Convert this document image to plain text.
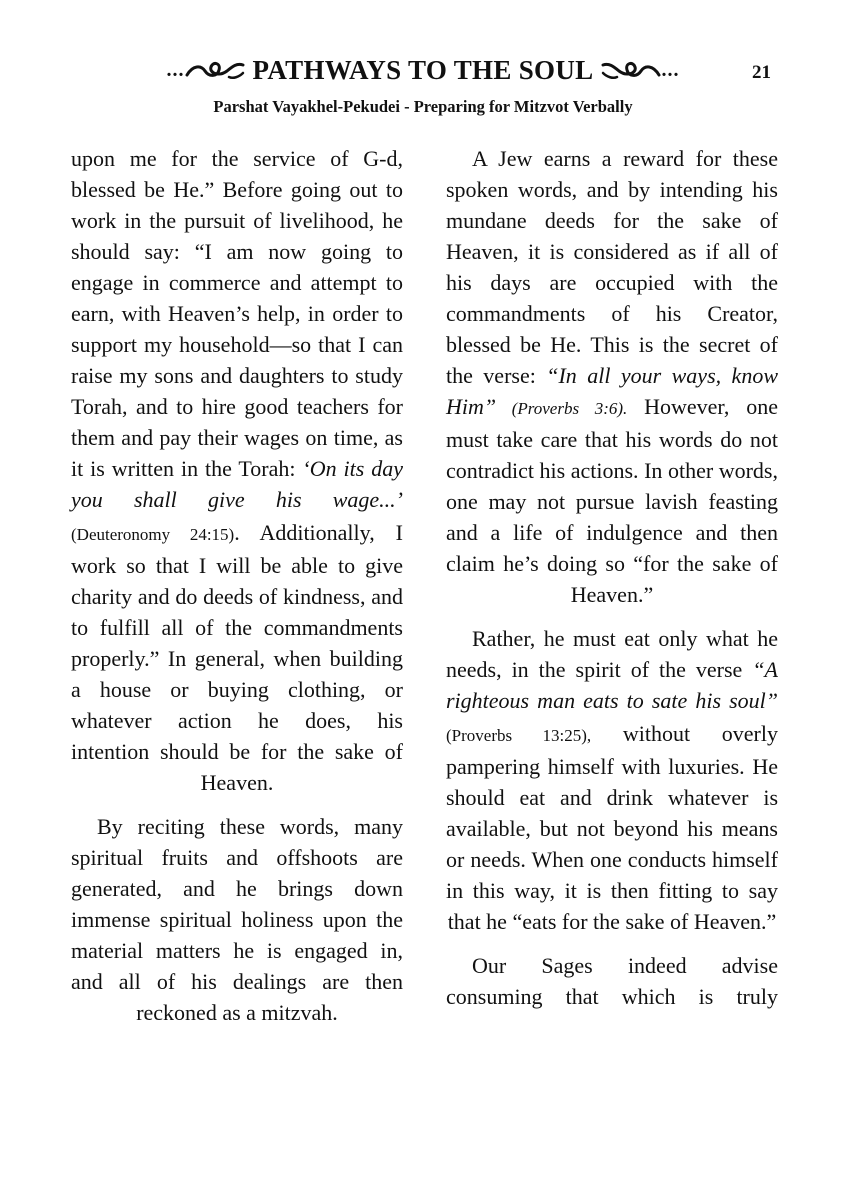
...	PATHWAYS TO THE SOUL	...	21
Parshat Vayakhel-Pekudei - Preparing for Mitzvot Verbally

upon me for the service of G-d, blessed be He.” Before going out to work in the pursuit of livelihood, he should say: “I am now going to engage in commerce and attempt to earn, with Heaven’s help, in order to support my household—so that I can raise my sons and daughters to study Torah, and to hire good teachers for them and pay their wages on time, as it is written in the Torah: ‘On its day you shall give his wage...’ (Deuteronomy 24:15). Additionally, I work so that I will be able to give charity and do deeds of kindness, and to fulfill all of the commandments properly.” In general, when building a house or buying clothing, or whatever action he does, his intention should be for the sake of Heaven.

By reciting these words, many spiritual fruits and offshoots are generated, and he brings down immense spiritual holiness upon the material matters he is engaged in, and all of his dealings are then reckoned as a mitzvah.

A Jew earns a reward for these spoken words, and by intending his mundane deeds for the sake of Heaven, it is considered as if all of his days are occupied with the commandments of his Creator, blessed be He. This is the secret of the verse: “In all your ways, know Him” (Proverbs 3:6). However, one must take care that his words do not contradict his actions. In other words, one may not pursue lavish feasting and a life of indulgence and then claim he’s doing so “for the sake of Heaven.”

Rather, he must eat only what he needs, in the spirit of the verse “A righteous man eats to sate his soul” (Proverbs 13:25), without overly pampering himself with luxuries. He should eat and drink whatever is available, but not beyond his means or needs. When one conducts himself in this way, it is then fitting to say that he “eats for the sake of Heaven.”

Our Sages indeed advise consuming that which is truly
